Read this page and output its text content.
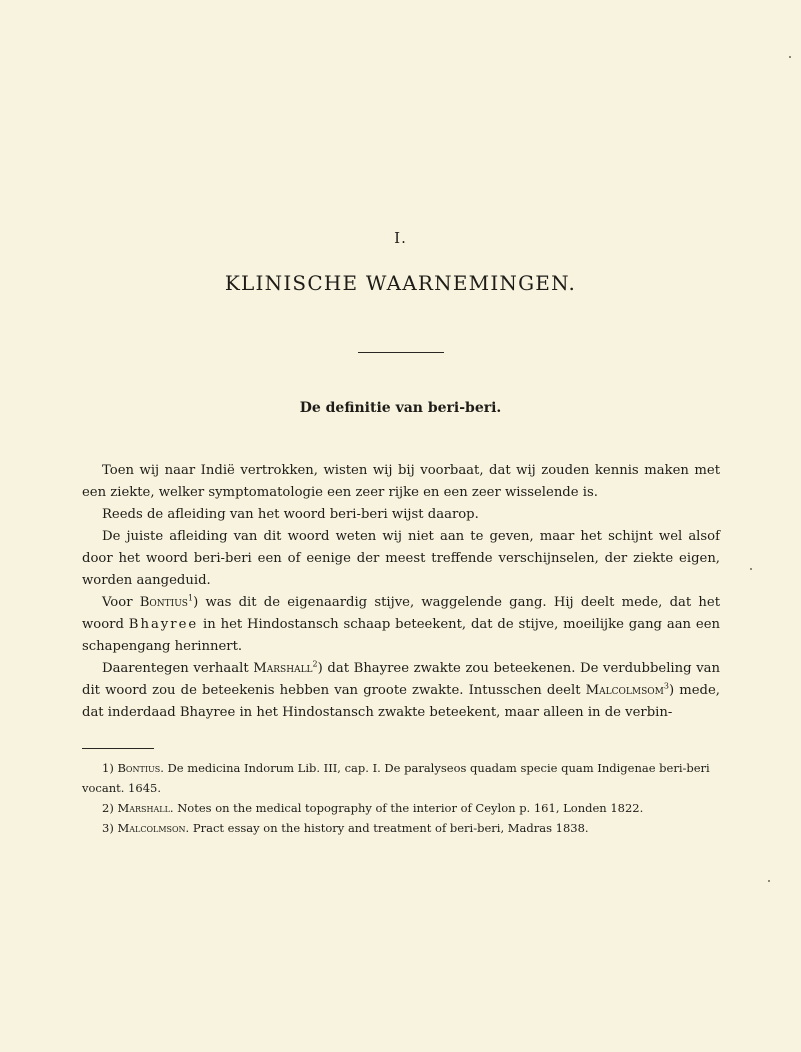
I.
KLINISCHE WAARNEMINGEN.
De definitie van beri-beri.

Toen wij naar Indië vertrokken, wisten wij bij voorbaat, dat wij zouden kennis maken met een ziekte, welker symptomatologie een zeer rijke en een zeer wisselende is.

Reeds de afleiding van het woord beri-beri wijst daarop.

De juiste afleiding van dit woord weten wij niet aan te geven, maar het schijnt wel alsof door het woord beri-beri een of eenige der meest treffende verschijnselen, der ziekte eigen, worden aangeduid.

Voor Bontius$^1$) was dit de eigenaardig stijve, waggelende gang. Hij deelt mede, dat het woord Bhayree in het Hindostansch schaap beteekent, dat de stijve, moeilijke gang aan een schapengang herinnert.

Daarentegen verhaalt Marshall$^2$) dat Bhayree zwakte zou beteekenen. De verdubbeling van dit woord zou de beteekenis hebben van groote zwakte. Intusschen deelt Malcolmsom$^3$) mede, dat inderdaad Bhayree in het Hindostansch zwakte beteekent, maar alleen in de verbin-

1) Bontius. De medicina Indorum Lib. III, cap. I. De paralyseos quadam specie quam Indigenae beri-beri vocant. 1645.

2) Marshall. Notes on the medical topography of the interior of Ceylon p. 161, Londen 1822.

3) Malcolmson. Pract essay on the history and treatment of beri-beri, Madras 1838.
